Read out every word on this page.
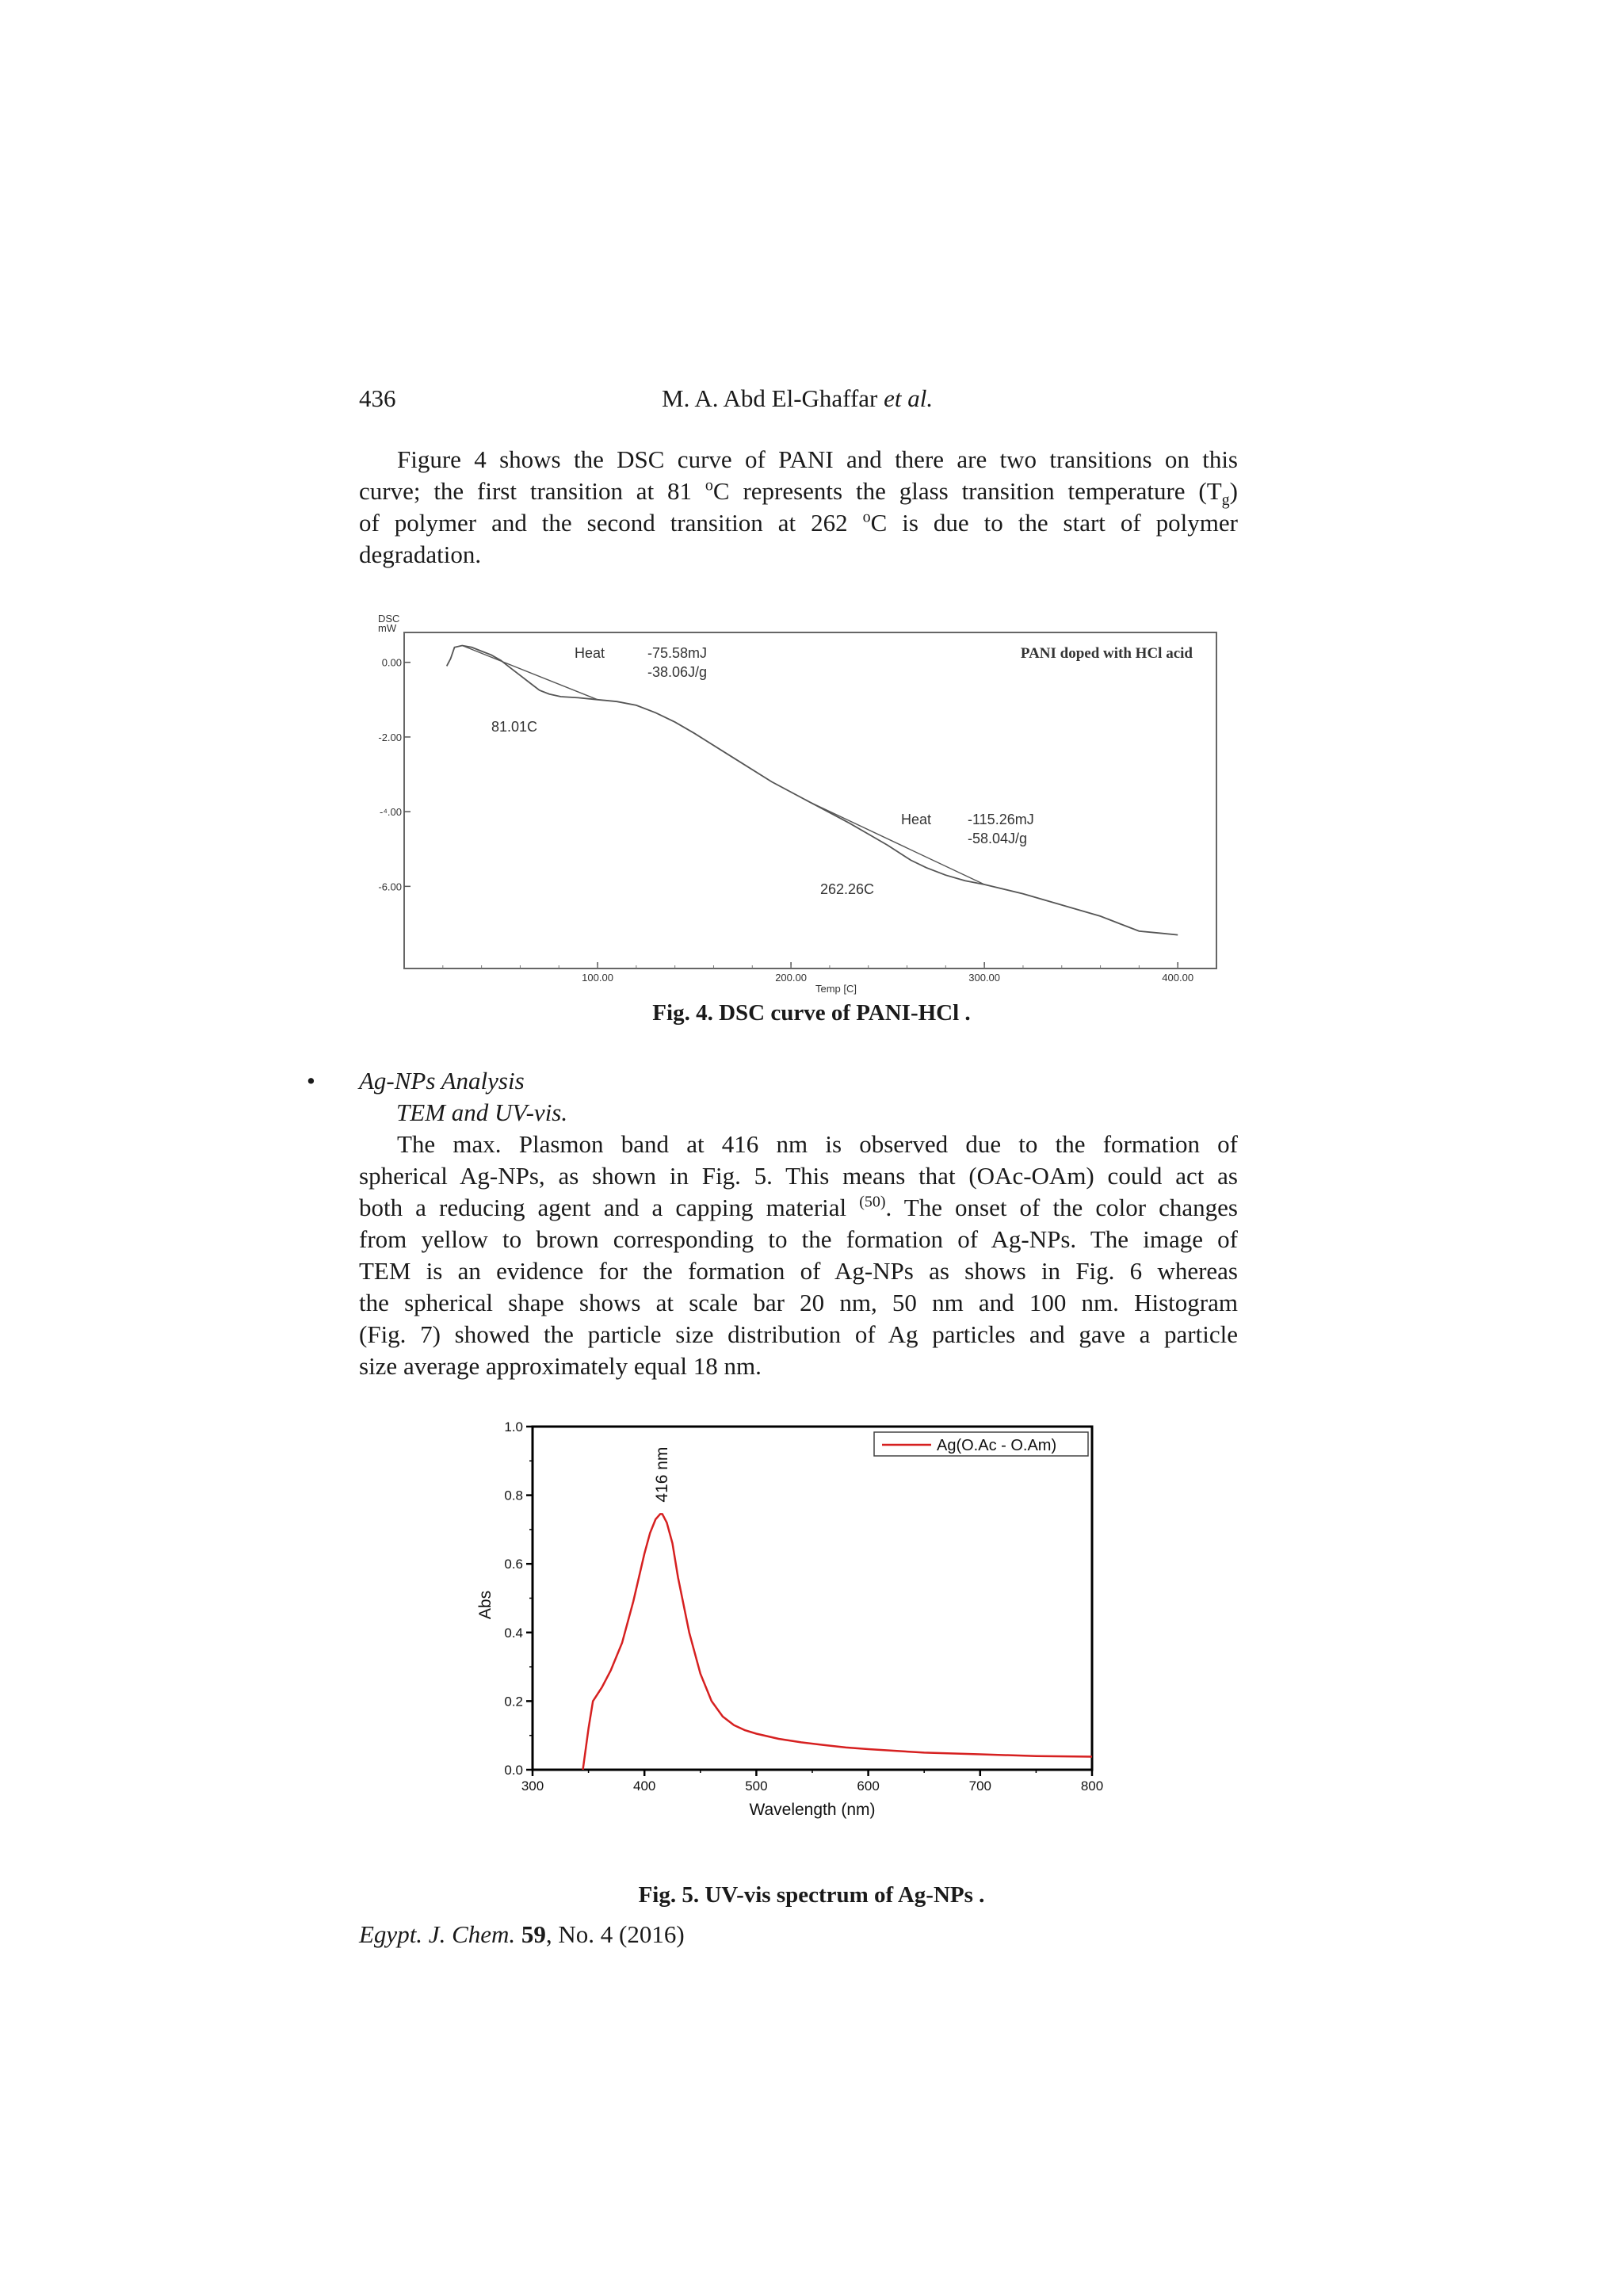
436	M. A. Abd El-Ghaffar et al.
Figure 4 shows the DSC curve of PANI and there are two transitions on this
curve; the first transition at 81 $^o$C represents the glass transition temperature $(T_g)$
of polymer and the second transition at 262 $^o$C is due to the start of polymer
degradation.
DSC
mW
0.00
-2.00
-⁴.00
-6.00
100.00	200.00	300.00	400.00
Temp [C]
PANI doped with HCl acid
Heat	-75.58mJ
-38.06J/g
81.01C
Heat	-115.26mJ
-58.04J/g
262.26C
Fig. 4. DSC curve of PANI-HCl .
• Ag-NPs Analysis
TEM and UV-vis.
The max. Plasmon band at 416 nm is observed due to the formation of
spherical Ag-NPs, as shown in Fig. 5. This means that (OAc-OAm) could act as
both a reducing agent and a capping material $^{(50)}$. The onset of the color changes
from yellow to brown corresponding to the formation of Ag-NPs. The image of
TEM is an evidence for the formation of Ag-NPs as shows in Fig. 6 whereas
the spherical shape shows at scale bar 20 nm, 50 nm and 100 nm. Histogram
(Fig. 7) showed the particle size distribution of Ag particles and gave a particle
size average approximately equal 18 nm.
0.0
0.2
0.4
0.6
0.8
1.0
300	400	500	600	700	800
Wavelength (nm)
Abs
Ag(O.Ac - O.Am)
416 nm
Fig. 5. UV-vis spectrum of Ag-NPs .
Egypt. J. Chem. 59, No. 4 (2016)
